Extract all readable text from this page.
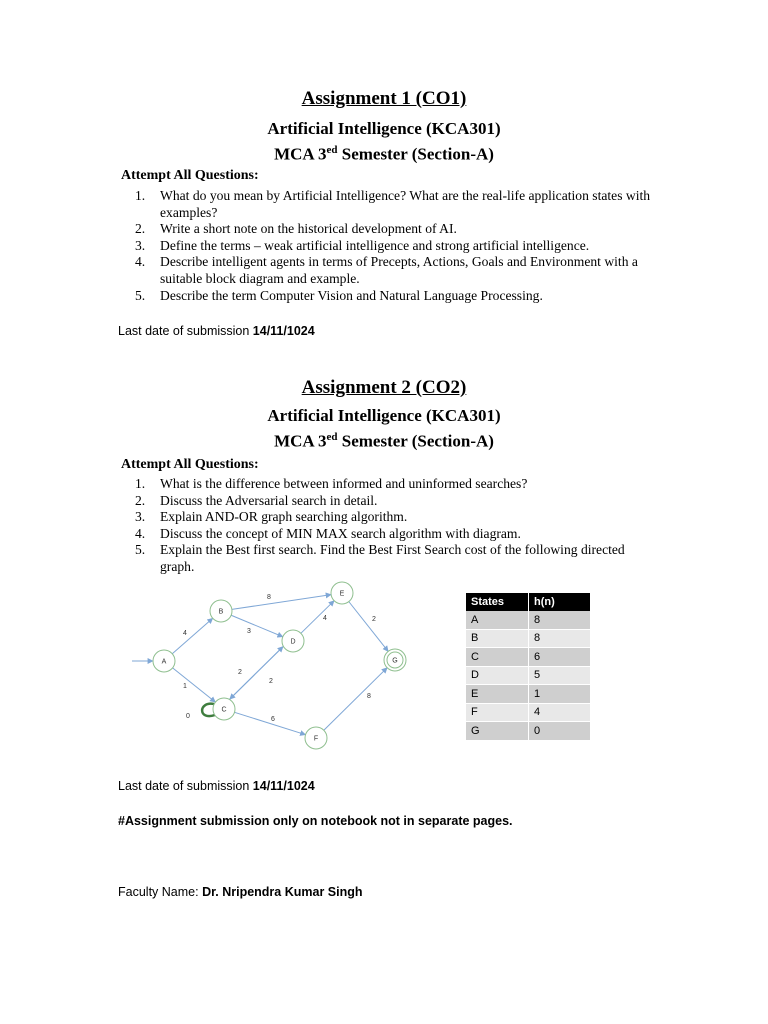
Assignment 1 (CO1)
Artificial Intelligence (KCA301)
MCA $3^{ed}$ Semester (Section-A)
Attempt All Questions:
1.	What do you mean by Artificial Intelligence? What are the real-life application states with examples?
2.	Write a short note on the historical development of AI.
3.	Define the terms – weak artificial intelligence and strong artificial intelligence.
4.	Describe intelligent agents in terms of Precepts, Actions, Goals and Environment with a suitable block diagram and example.
5.	Describe the term Computer Vision and Natural Language Processing.
Last date of submission 14/11/1024
Assignment 2 (CO2)
Artificial Intelligence (KCA301)
MCA $3^{ed}$ Semester (Section-A)
Attempt All Questions:
1.	What is the difference between informed and uninformed searches?
2.	Discuss the Adversarial search in detail.
3.	Explain AND-OR graph searching algorithm.
4.	Discuss the concept of MIN MAX search algorithm with diagram.
5.	Explain the Best first search. Find the Best First Search cost of the following directed graph.
4
1
8
3
2
2
4	2
6
8
0
A
B
C
D
E
F
G
States	h(n)
A	8
B	8
C	6
D	5
E	1
F	4
G	0
Last date of submission 14/11/1024
#Assignment submission only on notebook not in separate pages.
Faculty Name: Dr. Nripendra Kumar Singh
